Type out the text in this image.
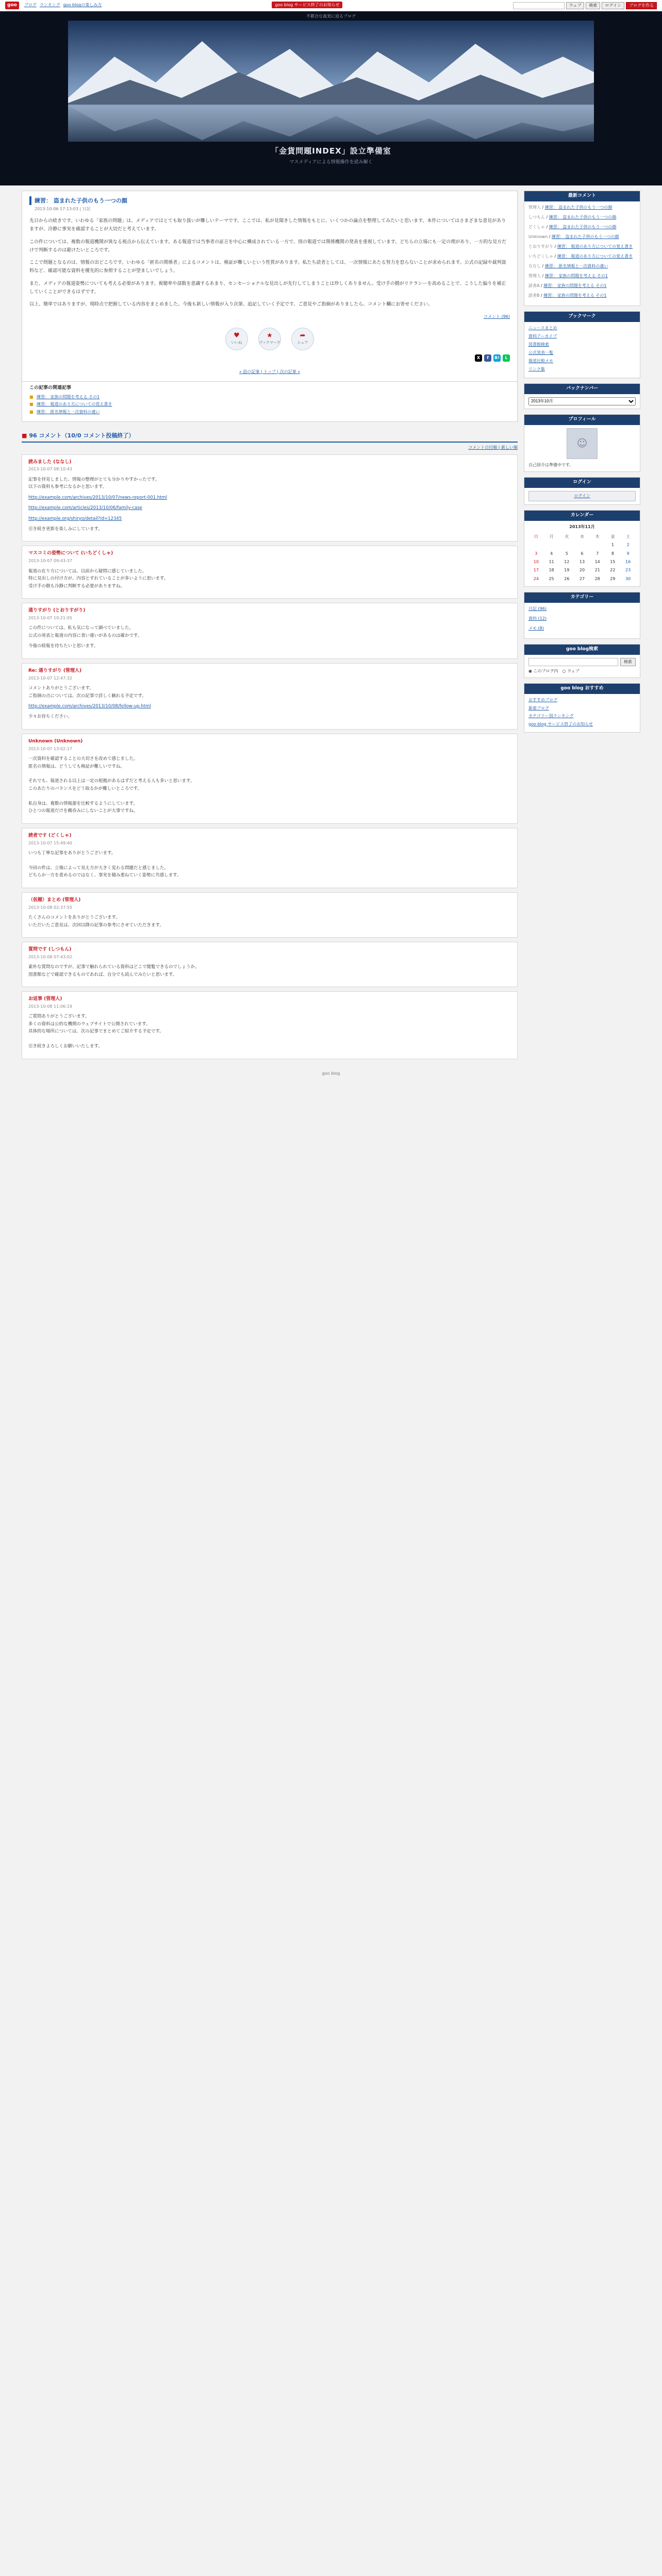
goo	ブログ ランキング goo blogの楽しみ方	goo blog サービス終了のお知らせ	ウェブ	検索	ログイン	ブログを作る
不都合な真実に迫るブログ
「金貨問題INDEX」設立準備室
マスメディアによる情報操作を読み解く
練習： 盗まれた子供のもう一つの顔
2013-10-06 17:13:03 | 日記

先日からの続きです。いわゆる「家族の問題」は、メディアではとても取り扱いが難しいテーマです。ここでは、私が見聞きした情報をもとに、いくつかの論点を整理してみたいと思います。本件についてはさまざまな意見がありますが、冷静に事実を確認することが大切だと考えています。

この件については、複数の報道機関が異なる視点から伝えています。ある報道では当事者の証言を中心に構成されている一方で、別の報道では関係機関の発表を重視しています。どちらの立場にも一定の理があり、一方的な見方だけで判断するのは避けたいところです。

ここで問題となるのは、情報の出どころです。いわゆる「匿名の関係者」によるコメントは、検証が難しいという性質があります。私たち読者としては、一次情報にあたる努力を怠らないことが求められます。公式の記録や裁判資料など、確認可能な資料を優先的に参照することが望ましいでしょう。

また、メディアの報道姿勢についても考える必要があります。視聴率や部数を意識するあまり、センセーショナルな見出しが先行してしまうことは珍しくありません。受け手の側がリテラシーを高めることで、こうした偏りを補正していくことができるはずです。

以上、簡単ではありますが、現時点で把握している内容をまとめました。今後も新しい情報が入り次第、追記していく予定です。ご意見やご指摘がありましたら、コメント欄にお寄せください。

コメント (96)
♥
いいね
★
ブックマーク
➦
シェア
X	f	B!	L
« 前の記事 | トップ | 次の記事 »
この記事の関連記事
■ 練習： 家族の問題を考える その1
■ 練習： 報道のあり方についての覚え書き
■ 練習： 匿名情報と一次資料の違い
■ 96 コメント（10/0 コメント投稿終了）
コメント日付順 | 新しい順
読みました (ななし)
2013-10-07 08:10:43

記事を拝見しました。情報の整理がとても分かりやすかったです。
以下の資料も参考になるかと思います。

http://example.com/archives/2013/10/07/news-report-001.html

http://example.com/articles/2013/10/06/family-case

http://example.org/shiryo/detail?id=12345

引き続き更新を楽しみにしています。

マスコミの姿勢について (いちどくしゃ)
2013-10-07 09:43:37

報道の在り方については、以前から疑問に感じていました。
特に見出しの付け方が、内容とずれていることが多いように思います。
受け手の側も冷静に判断する必要がありますね。

通りすがり (とおりすがり)
2013-10-07 10:21:05

この件については、私も気になって調べていました。
公式の発表と報道の内容に食い違いがあるのは確かです。

今後の続報を待ちたいと思います。

Re: 通りすがり (管理人)
2013-10-07 12:47:32

コメントありがとうございます。
ご指摘の点については、次の記事で詳しく触れる予定です。

http://example.com/archives/2013/10/08/follow-up.html

少々お待ちください。

Unknown (Unknown)
2013-10-07 13:02:17

一次資料を確認することの大切さを改めて感じました。
匿名の情報は、どうしても検証が難しいですね。

それでも、報道される以上は一定の根拠があるはずだと考える人も多いと思います。
このあたりのバランスをどう取るかが難しいところです。

私自身は、複数の情報源を比較するようにしています。
ひとつの報道だけを鵜呑みにしないことが大事ですね。

読者です (どくしゃ)
2013-10-07 15:49:40

いつも丁寧な記事をありがとうございます。

今回の件は、立場によって見え方が大きく変わる問題だと感じました。
どちらか一方を責めるのではなく、事実を積み重ねていく姿勢に共感します。

（仮題）まとめ (管理人)
2013-10-08 02:37:55

たくさんのコメントをありがとうございます。
いただいたご意見は、次回以降の記事の参考にさせていただきます。

質問です (しつもん)
2013-10-08 07:43:02

素朴な質問なのですが、記事で触れられている資料はどこで閲覧できるのでしょうか。
図書館などで確認できるものであれば、自分でも読んでみたいと思います。

お返事 (管理人)
2013-10-08 11:06:19

ご質問ありがとうございます。
多くの資料は公的な機関のウェブサイトで公開されています。
具体的な場所については、次の記事でまとめてご紹介する予定です。

引き続きよろしくお願いいたします。

最新コメント
管理人 / 練習： 盗まれた子供のもう一つの顔
しつもん / 練習： 盗まれた子供のもう一つの顔
どくしゃ / 練習： 盗まれた子供のもう一つの顔
Unknown / 練習： 盗まれた子供のもう一つの顔
とおりすがり / 練習： 報道のあり方についての覚え書き
いちどくしゃ / 練習： 報道のあり方についての覚え書き
ななし / 練習： 匿名情報と一次資料の違い
管理人 / 練習： 家族の問題を考える その1
読者A / 練習： 家族の問題を考える その1
読者B / 練習： 家族の問題を考える その1
ブックマーク
ニュースまとめ
資料アーカイブ
図書館検索
公式発表一覧
報道比較メモ
リンク集
バックナンバー
2013年10月
プロフィール
☺
自己紹介は準備中です。
ログイン
ログイン
カレンダー
2013年11月
日	月	火	水	木	金	土
					1	2
3	4	5	6	7	8	9
10	11	12	13	14	15	16
17	18	19	20	21	22	23
24	25	26	27	28	29	30
カテゴリー
日記 (96)
資料 (12)
メモ (8)
goo blog検索
検索
◉ このブログ内 ○ ウェブ
goo blog おすすめ
おすすめブログ
新着ブログ
カテゴリー別ランキング
goo blog サービス終了のお知らせ
goo blog
